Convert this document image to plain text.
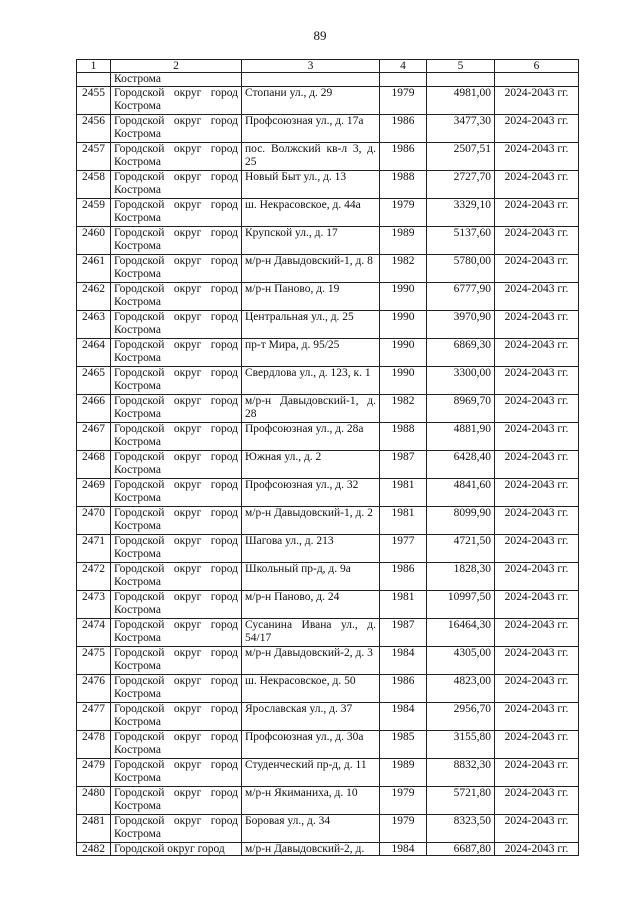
89
1	2	3	4	5	6
	Кострома				
2455	Городской округ город Кострома	Стопани ул., д. 29	1979	4981,00	2024-2043 гг.
2456	Городской округ город Кострома	Профсоюзная ул., д. 17а	1986	3477,30	2024-2043 гг.
2457	Городской округ город Кострома	пос. Волжский кв-л 3, д. 25	1986	2507,51	2024-2043 гг.
2458	Городской округ город Кострома	Новый Быт ул., д. 13	1988	2727,70	2024-2043 гг.
2459	Городской округ город Кострома	ш. Некрасовское, д. 44а	1979	3329,10	2024-2043 гг.
2460	Городской округ город Кострома	Крупской ул., д. 17	1989	5137,60	2024-2043 гг.
2461	Городской округ город Кострома	м/р-н Давыдовский-1, д. 8	1982	5780,00	2024-2043 гг.
2462	Городской округ город Кострома	м/р-н Паново, д. 19	1990	6777,90	2024-2043 гг.
2463	Городской округ город Кострома	Центральная ул., д. 25	1990	3970,90	2024-2043 гг.
2464	Городской округ город Кострома	пр-т Мира, д. 95/25	1990	6869,30	2024-2043 гг.
2465	Городской округ город Кострома	Свердлова ул., д. 123, к. 1	1990	3300,00	2024-2043 гг.
2466	Городской округ город Кострома	м/р-н Давыдовский-1, д. 28	1982	8969,70	2024-2043 гг.
2467	Городской округ город Кострома	Профсоюзная ул., д. 28а	1988	4881,90	2024-2043 гг.
2468	Городской округ город Кострома	Южная ул., д. 2	1987	6428,40	2024-2043 гг.
2469	Городской округ город Кострома	Профсоюзная ул., д. 32	1981	4841,60	2024-2043 гг.
2470	Городской округ город Кострома	м/р-н Давыдовский-1, д. 2	1981	8099,90	2024-2043 гг.
2471	Городской округ город Кострома	Шагова ул., д. 213	1977	4721,50	2024-2043 гг.
2472	Городской округ город Кострома	Школьный пр-д, д. 9а	1986	1828,30	2024-2043 гг.
2473	Городской округ город Кострома	м/р-н Паново, д. 24	1981	10997,50	2024-2043 гг.
2474	Городской округ город Кострома	Сусанина Ивана ул., д. 54/17	1987	16464,30	2024-2043 гг.
2475	Городской округ город Кострома	м/р-н Давыдовский-2, д. 3	1984	4305,00	2024-2043 гг.
2476	Городской округ город Кострома	ш. Некрасовское, д. 50	1986	4823,00	2024-2043 гг.
2477	Городской округ город Кострома	Ярославская ул., д. 37	1984	2956,70	2024-2043 гг.
2478	Городской округ город Кострома	Профсоюзная ул., д. 30а	1985	3155,80	2024-2043 гг.
2479	Городской округ город Кострома	Студенческий пр-д, д. 11	1989	8832,30	2024-2043 гг.
2480	Городской округ город Кострома	м/р-н Якиманиха, д. 10	1979	5721,80	2024-2043 гг.
2481	Городской округ город Кострома	Боровая ул., д. 34	1979	8323,50	2024-2043 гг.
2482	Городской округ город	м/р-н Давыдовский-2, д.	1984	6687,80	2024-2043 гг.
